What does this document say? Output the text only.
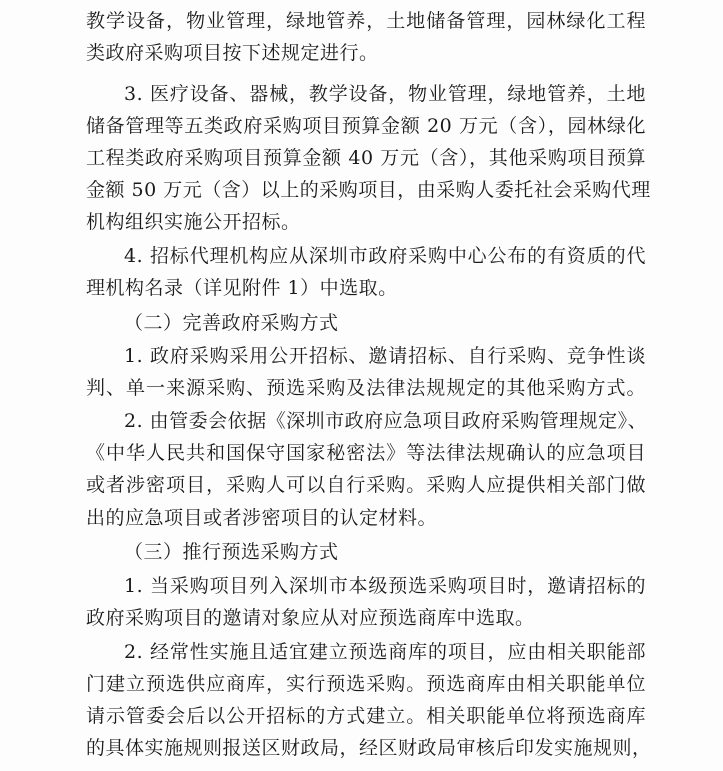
教学设备，物业管理，绿地管养，土地储备管理，园林绿化工程
类政府采购项目按下述规定进行。
3. 医疗设备、器械，教学设备，物业管理，绿地管养，土地
储备管理等五类政府采购项目预算金额 20 万元（含），园林绿化
工程类政府采购项目预算金额 40 万元（含），其他采购项目预算
金额 50 万元（含）以上的采购项目，由采购人委托社会采购代理
机构组织实施公开招标。
4. 招标代理机构应从深圳市政府采购中心公布的有资质的代
理机构名录（详见附件 1）中选取。
（二）完善政府采购方式
1. 政府采购采用公开招标、邀请招标、自行采购、竞争性谈
判、单一来源采购、预选采购及法律法规规定的其他采购方式。
2. 由管委会依据《深圳市政府应急项目政府采购管理规定》、
《中华人民共和国保守国家秘密法》等法律法规确认的应急项目
或者涉密项目，采购人可以自行采购。采购人应提供相关部门做
出的应急项目或者涉密项目的认定材料。
（三）推行预选采购方式
1. 当采购项目列入深圳市本级预选采购项目时，邀请招标的
政府采购项目的邀请对象应从对应预选商库中选取。
2. 经常性实施且适宜建立预选商库的项目，应由相关职能部
门建立预选供应商库，实行预选采购。预选商库由相关职能单位
请示管委会后以公开招标的方式建立。相关职能单位将预选商库
的具体实施规则报送区财政局，经区财政局审核后印发实施规则，
